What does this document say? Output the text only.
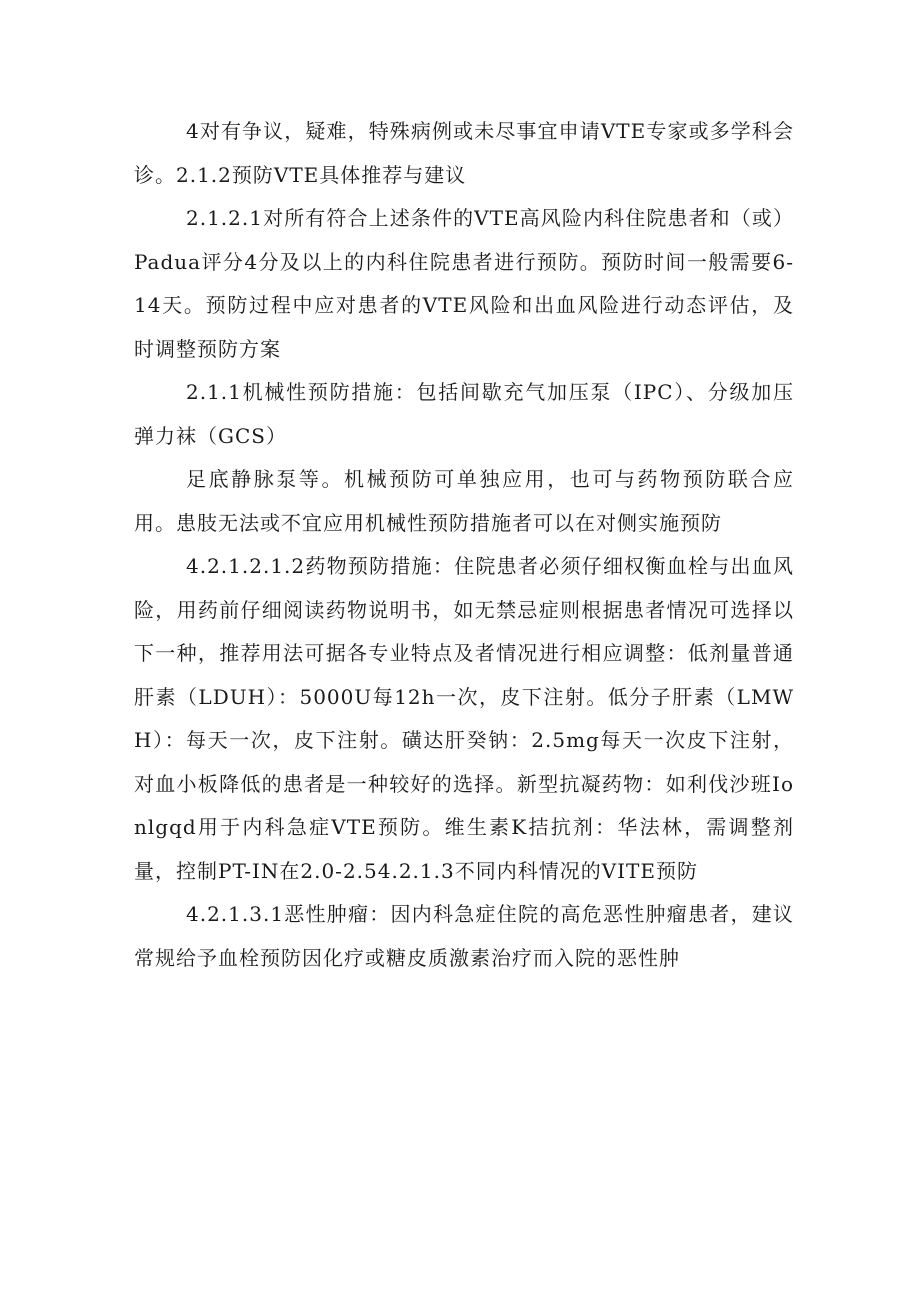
4对有争议，疑难，特殊病例或未尽事宜申请VTE专家或多学科会诊。2.1.2预防VTE具体推荐与建议

2.1.2.1对所有符合上述条件的VTE高风险内科住院患者和（或）Padua评分4分及以上的内科住院患者进行预防。预防时间一般需要6-14天。预防过程中应对患者的VTE风险和出血风险进行动态评估，及时调整预防方案

2.1.1机械性预防措施：包括间歇充气加压泵（IPC）、分级加压弹力袜（GCS）

足底静脉泵等。机械预防可单独应用，也可与药物预防联合应用。患肢无法或不宜应用机械性预防措施者可以在对侧实施预防

4.2.1.2.1.2药物预防措施：住院患者必须仔细权衡血栓与出血风险，用药前仔细阅读药物说明书，如无禁忌症则根据患者情况可选择以下一种，推荐用法可据各专业特点及者情况进行相应调整：低剂量普通肝素（LDUH）：5000U每12h一次，皮下注射。低分子肝素（LMWH）：每天一次，皮下注射。磺达肝癸钠：2.5mg每天一次皮下注射，对血小板降低的患者是一种较好的选择。新型抗凝药物：如利伐沙班Ionlgqd用于内科急症VTE预防。维生素K拮抗剂：华法林，需调整剂量，控制PT-IN在2.0-2.54.2.1.3不同内科情况的VITE预防

4.2.1.3.1恶性肿瘤：因内科急症住院的高危恶性肿瘤患者，建议常规给予血栓预防因化疗或糖皮质激素治疗而入院的恶性肿
